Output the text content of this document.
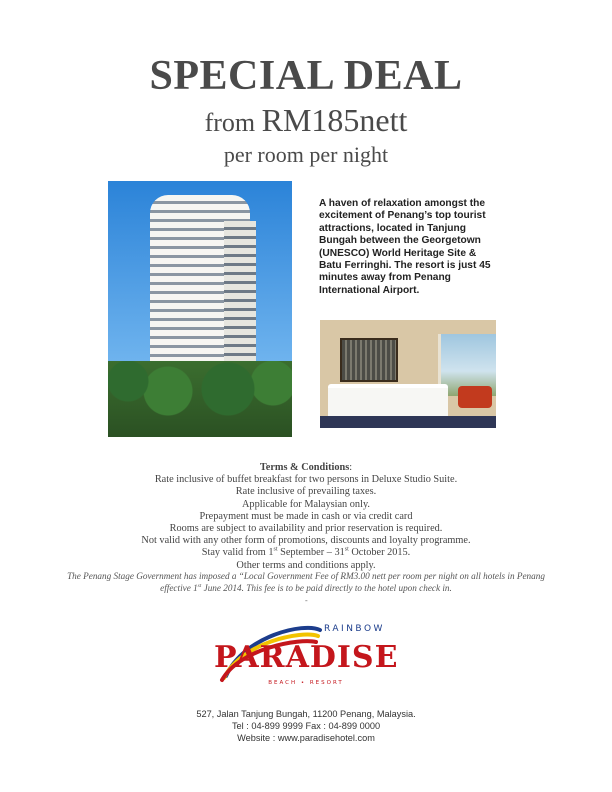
SPECIAL DEAL
from RM185nett
per room per night
A haven of relaxation amongst the excitement of Penang’s top tourist attractions, located in Tanjung Bungah between the Georgetown (UNESCO) World Heritage Site & Batu Ferringhi. The resort is just 45 minutes away from Penang International Airport.
Terms & Conditions:
Rate inclusive of buffet breakfast for two persons in Deluxe Studio Suite.
Rate inclusive of prevailing taxes.
Applicable for Malaysian only.
Prepayment must be made in cash or via credit card
Rooms are subject to availability and prior reservation is required.
Not valid with any other form of promotions, discounts and loyalty programme.
Stay valid from 1st September – 31st October 2015.
Other terms and conditions apply.
The Penang Stage Government has imposed a “Local Government Fee of RM3.00 nett per room per night on all hotels in Penang effective 1st June 2014. This fee is to be paid directly to the hotel upon check in.
-
RAINBOW
PARADISE
BEACH • RESORT
527, Jalan Tanjung Bungah, 11200 Penang, Malaysia.
Tel : 04-899 9999 Fax : 04-899 0000
Website : www.paradisehotel.com
